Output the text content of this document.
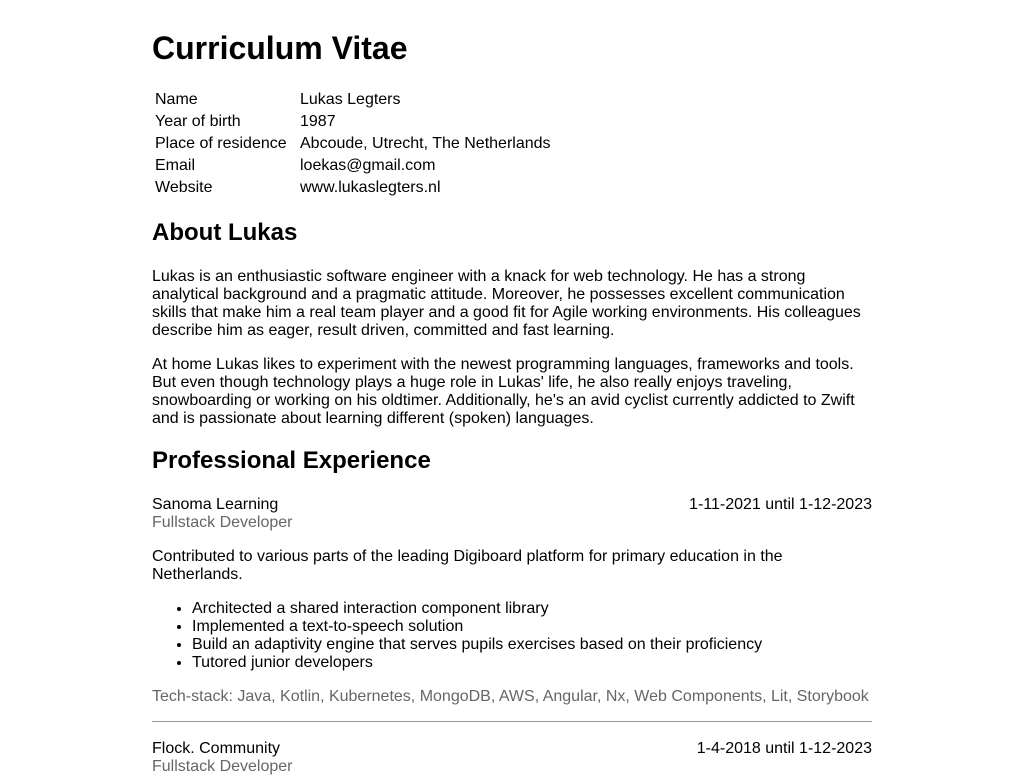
Curriculum Vitae
Name	Lukas Legters
Year of birth	1987
Place of residence	Abcoude, Utrecht, The Netherlands
Email	loekas@gmail.com
Website	www.lukaslegters.nl
About Lukas

Lukas is an enthusiastic software engineer with a knack for web technology. He has a strong analytical background and a pragmatic attitude. Moreover, he possesses excellent communication skills that make him a real team player and a good fit for Agile working environments. His colleagues describe him as eager, result driven, committed and fast learning.

At home Lukas likes to experiment with the newest programming languages, frameworks and tools. But even though technology plays a huge role in Lukas' life, he also really enjoys traveling, snowboarding or working on his oldtimer. Additionally, he's an avid cyclist currently addicted to Zwift and is passionate about learning different (spoken) languages.

Professional Experience
Sanoma Learning	1-11-2021 until 1-12-2023
Fullstack Developer

Contributed to various parts of the leading Digiboard platform for primary education in the Netherlands.

• Architected a shared interaction component library
• Implemented a text-to-speech solution
• Build an adaptivity engine that serves pupils exercises based on their proficiency
• Tutored junior developers
Tech-stack: Java, Kotlin, Kubernetes, MongoDB, AWS, Angular, Nx, Web Components, Lit, Storybook
Flock. Community	1-4-2018 until 1-12-2023
Fullstack Developer
